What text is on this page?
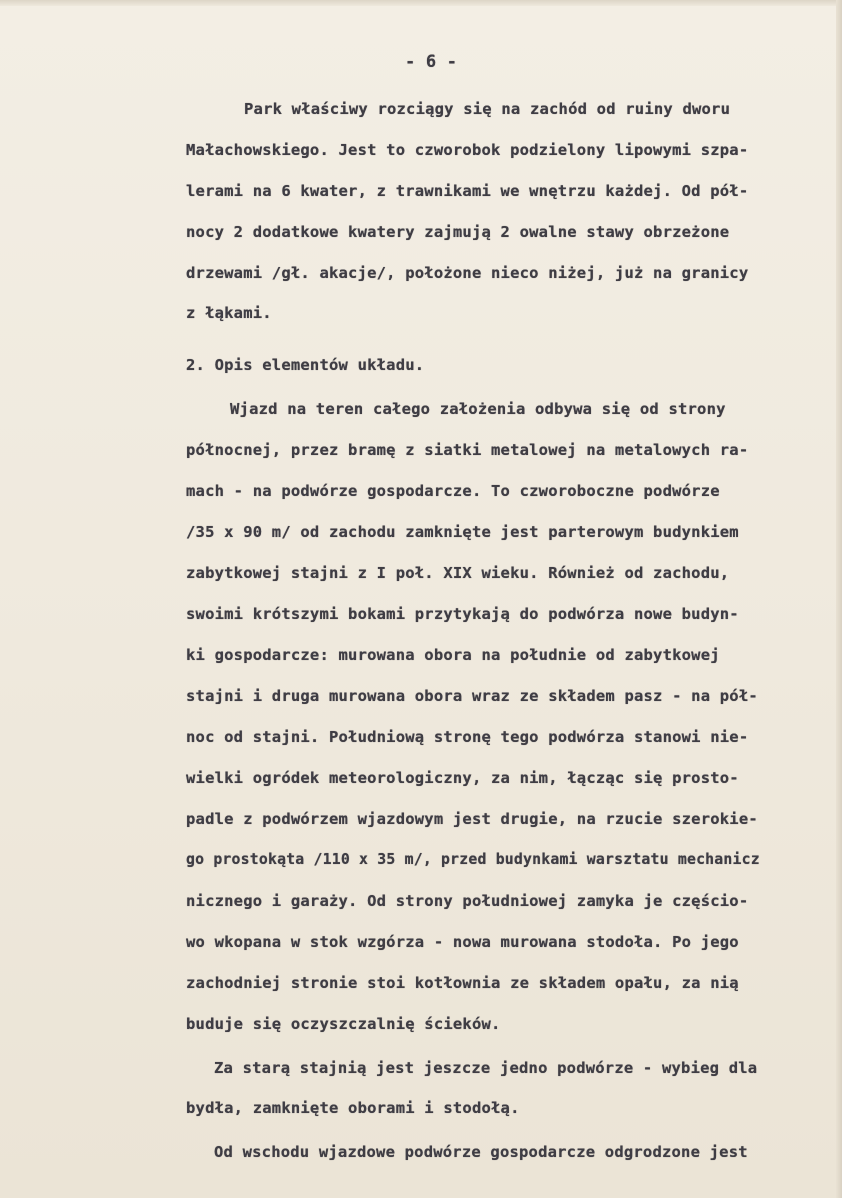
- 6 -
Park właściwy rozciągy się na zachód od ruiny dworu
Małachowskiego. Jest to czworobok podzielony lipowymi szpa-
lerami na 6 kwater, z trawnikami we wnętrzu każdej. Od pół-
nocy 2 dodatkowe kwatery zajmują 2 owalne stawy obrzeżone
drzewami /gł. akacje/, położone nieco niżej, już na granicy
z łąkami.
2. Opis elementów układu.
Wjazd na teren całego założenia odbywa się od strony
północnej, przez bramę z siatki metalowej na metalowych ra-
mach - na podwórze gospodarcze. To czworoboczne podwórze
/35 x 90 m/ od zachodu zamknięte jest parterowym budynkiem
zabytkowej stajni z I poł. XIX wieku. Również od zachodu,
swoimi krótszymi bokami przytykają do podwórza nowe budyn-
ki gospodarcze: murowana obora na południe od zabytkowej
stajni i druga murowana obora wraz ze składem pasz - na pół-
noc od stajni. Południową stronę tego podwórza stanowi nie-
wielki ogródek meteorologiczny, za nim, łącząc się prosto-
padle z podwórzem wjazdowym jest drugie, na rzucie szerokie-
go prostokąta /110 x 35 m/, przed budynkami warsztatu mechanicz
nicznego i garaży. Od strony południowej zamyka je częścio-
wo wkopana w stok wzgórza - nowa murowana stodoła. Po jego
zachodniej stronie stoi kotłownia ze składem opału, za nią
buduje się oczyszczalnię ścieków.
Za starą stajnią jest jeszcze jedno podwórze - wybieg dla
bydła, zamknięte oborami i stodołą.
Od wschodu wjazdowe podwórze gospodarcze odgrodzone jest
